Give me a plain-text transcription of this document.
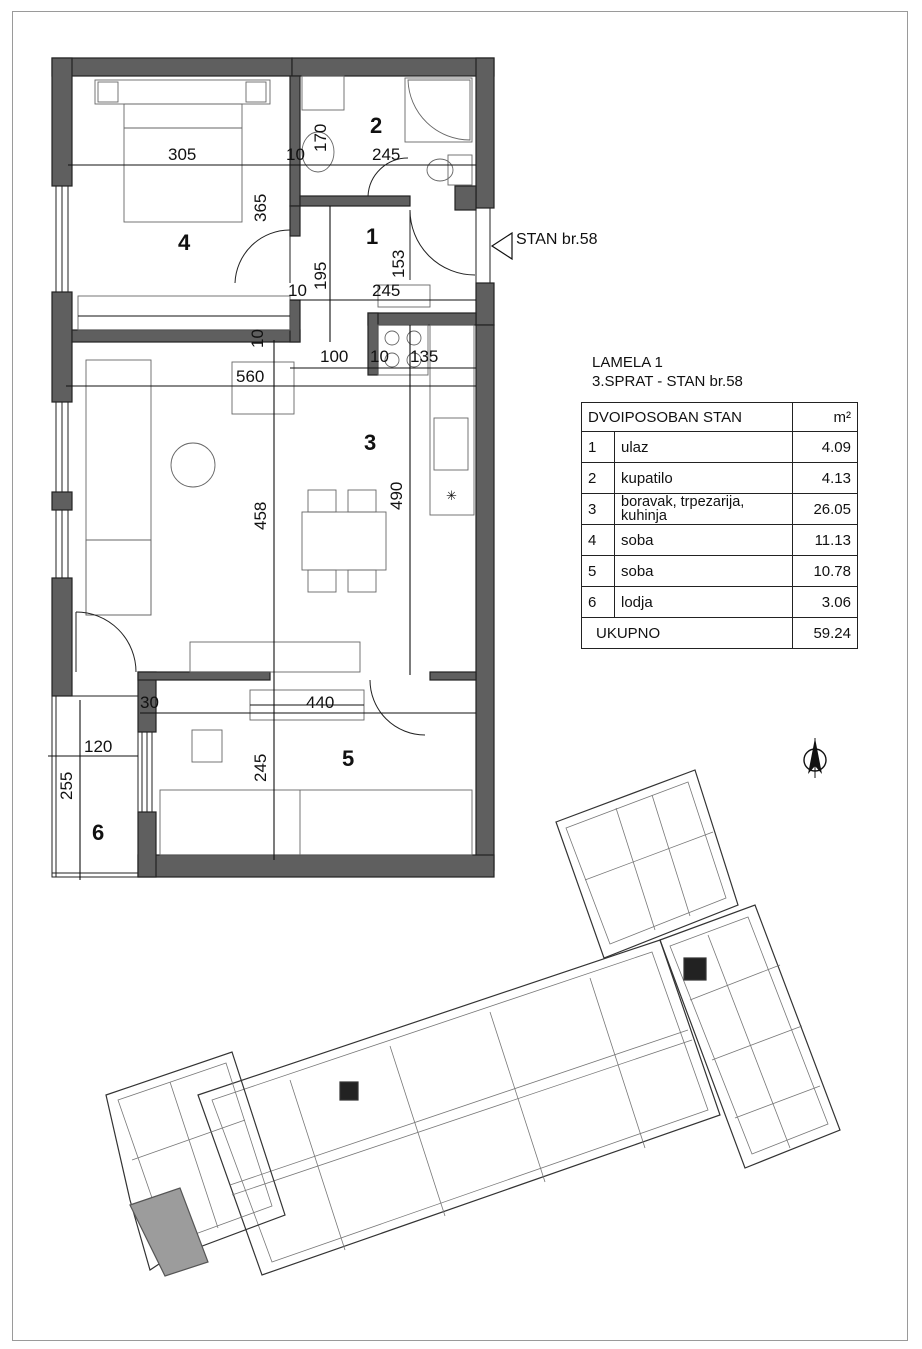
✳
4
2
1
3
5
6
305	10
170
245
365
195	153
10	245
10
100 10 135
560
458
490
30	440
120
255
245
STAN br.58
LAMELA 1
3.SPRAT - STAN br.58
DVOIPOSOBAN STAN		m²
1	ulaz	4.09
2	kupatilo	4.13
3	boravak, trpezarija, kuhinja	26.05
4	soba	11.13
5	soba	10.78
6	lodja	3.06
UKUPNO		59.24
